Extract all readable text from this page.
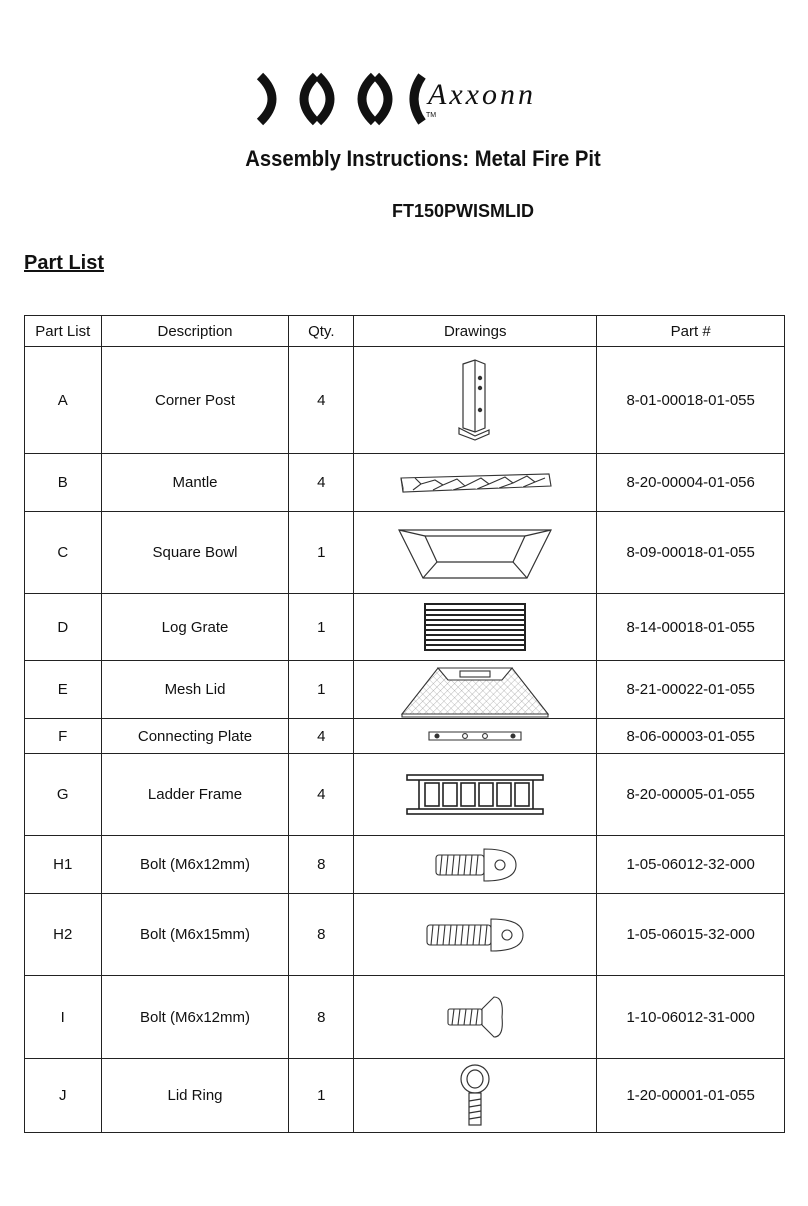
Axxonn
TM
Assembly Instructions: Metal Fire Pit
FT150PWISMLID
Part List
Part List	Description	Qty.	Drawings	Part #
A	Corner Post	4		8-01-00018-01-055
B	Mantle	4		8-20-00004-01-056
C	Square Bowl	1		8-09-00018-01-055
D	Log Grate	1		8-14-00018-01-055
E	Mesh Lid	1		8-21-00022-01-055
F	Connecting Plate	4		8-06-00003-01-055
G	Ladder Frame	4		8-20-00005-01-055
H1	Bolt (M6x12mm)	8		1-05-06012-32-000
H2	Bolt (M6x15mm)	8		1-05-06015-32-000
I	Bolt (M6x12mm)	8		1-10-06012-31-000
J	Lid Ring	1		1-20-00001-01-055
